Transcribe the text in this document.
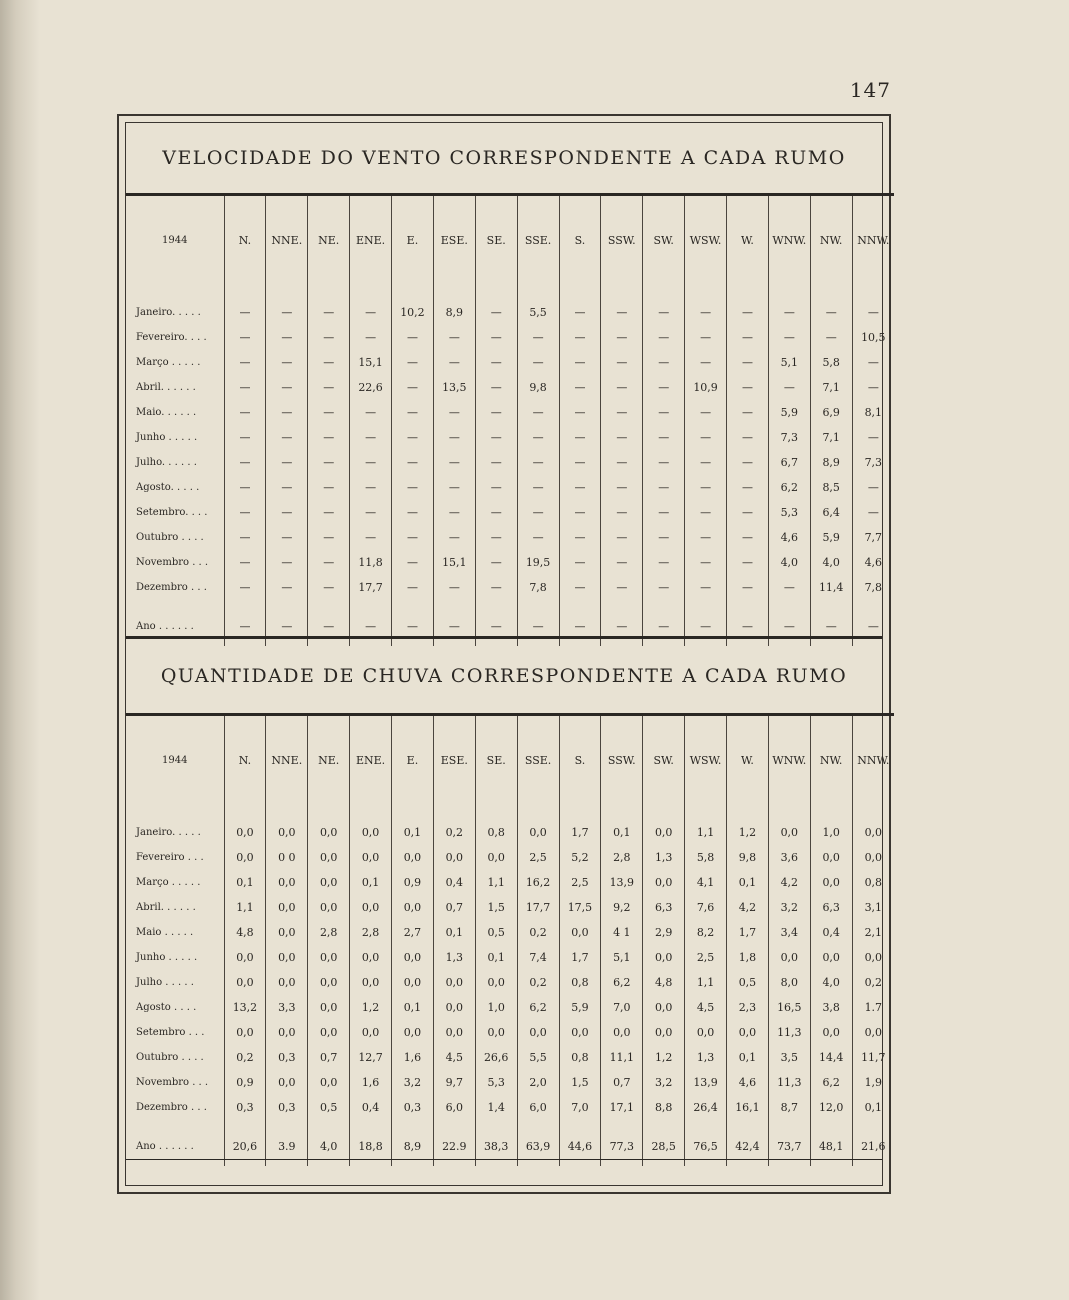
147
VELOCIDADE DO VENTO CORRESPONDENTE A CADA RUMO
1944	N.	NNE.	NE.	ENE.	E.	ESE.	SE.	SSE.	S.	SSW.	SW.	WSW.	W.	WNW.	NW.	NNW.
Janeiro. . . . .	—	—	—	—	10,2	8,9	—	5,5	—	—	—	—	—	—	—	—
Fevereiro. . . .	—	—	—	—	—	—	—	—	—	—	—	—	—	—	—	10,5
Março . . . . .	—	—	—	15,1	—	—	—	—	—	—	—	—	—	5,1	5,8	—
Abril. . . . . .	—	—	—	22,6	—	13,5	—	9,8	—	—	—	10,9	—	—	7,1	—
Maio. . . . . .	—	—	—	—	—	—	—	—	—	—	—	—	—	5,9	6,9	8,1
Junho . . . . .	—	—	—	—	—	—	—	—	—	—	—	—	—	7,3	7,1	—
Julho. . . . . .	—	—	—	—	—	—	—	—	—	—	—	—	—	6,7	8,9	7,3
Agosto. . . . .	—	—	—	—	—	—	—	—	—	—	—	—	—	6,2	8,5	—
Setembro. . . .	—	—	—	—	—	—	—	—	—	—	—	—	—	5,3	6,4	—
Outubro . . . .	—	—	—	—	—	—	—	—	—	—	—	—	—	4,6	5,9	7,7
Novembro . . .	—	—	—	11,8	—	15,1	—	19,5	—	—	—	—	—	4,0	4,0	4,6
Dezembro . . .	—	—	—	17,7	—	—	—	7,8	—	—	—	—	—	—	11,4	7,8
Ano . . . . . .	—	—	—	—	—	—	—	—	—	—	—	—	—	—	—	—
QUANTIDADE DE CHUVA CORRESPONDENTE A CADA RUMO
1944	N.	NNE.	NE.	ENE.	E.	ESE.	SE.	SSE.	S.	SSW.	SW.	WSW.	W.	WNW.	NW.	NNW.
Janeiro. . . . .	0,0	0,0	0,0	0,0	0,1	0,2	0,8	0,0	1,7	0,1	0,0	1,1	1,2	0,0	1,0	0,0
Fevereiro . . .	0,0	0 0	0,0	0,0	0,0	0,0	0,0	2,5	5,2	2,8	1,3	5,8	9,8	3,6	0,0	0,0
Março . . . . .	0,1	0,0	0,0	0,1	0,9	0,4	1,1	16,2	2,5	13,9	0,0	4,1	0,1	4,2	0,0	0,8
Abril. . . . . .	1,1	0,0	0,0	0,0	0,0	0,7	1,5	17,7	17,5	9,2	6,3	7,6	4,2	3,2	6,3	3,1
Maio . . . . .	4,8	0,0	2,8	2,8	2,7	0,1	0,5	0,2	0,0	4 1	2,9	8,2	1,7	3,4	0,4	2,1
Junho . . . . .	0,0	0,0	0,0	0,0	0,0	1,3	0,1	7,4	1,7	5,1	0,0	2,5	1,8	0,0	0,0	0,0
Julho . . . . .	0,0	0,0	0,0	0,0	0,0	0,0	0,0	0,2	0,8	6,2	4,8	1,1	0,5	8,0	4,0	0,2
Agosto . . . .	13,2	3,3	0,0	1,2	0,1	0,0	1,0	6,2	5,9	7,0	0,0	4,5	2,3	16,5	3,8	1.7
Setembro . . .	0,0	0,0	0,0	0,0	0,0	0,0	0,0	0,0	0,0	0,0	0,0	0,0	0,0	11,3	0,0	0,0
Outubro . . . .	0,2	0,3	0,7	12,7	1,6	4,5	26,6	5,5	0,8	11,1	1,2	1,3	0,1	3,5	14,4	11,7
Novembro . . .	0,9	0,0	0,0	1,6	3,2	9,7	5,3	2,0	1,5	0,7	3,2	13,9	4,6	11,3	6,2	1,9
Dezembro . . .	0,3	0,3	0,5	0,4	0,3	6,0	1,4	6,0	7,0	17,1	8,8	26,4	16,1	8,7	12,0	0,1
Ano . . . . . .	20,6	3.9	4,0	18,8	8,9	22.9	38,3	63,9	44,6	77,3	28,5	76,5	42,4	73,7	48,1	21,6
